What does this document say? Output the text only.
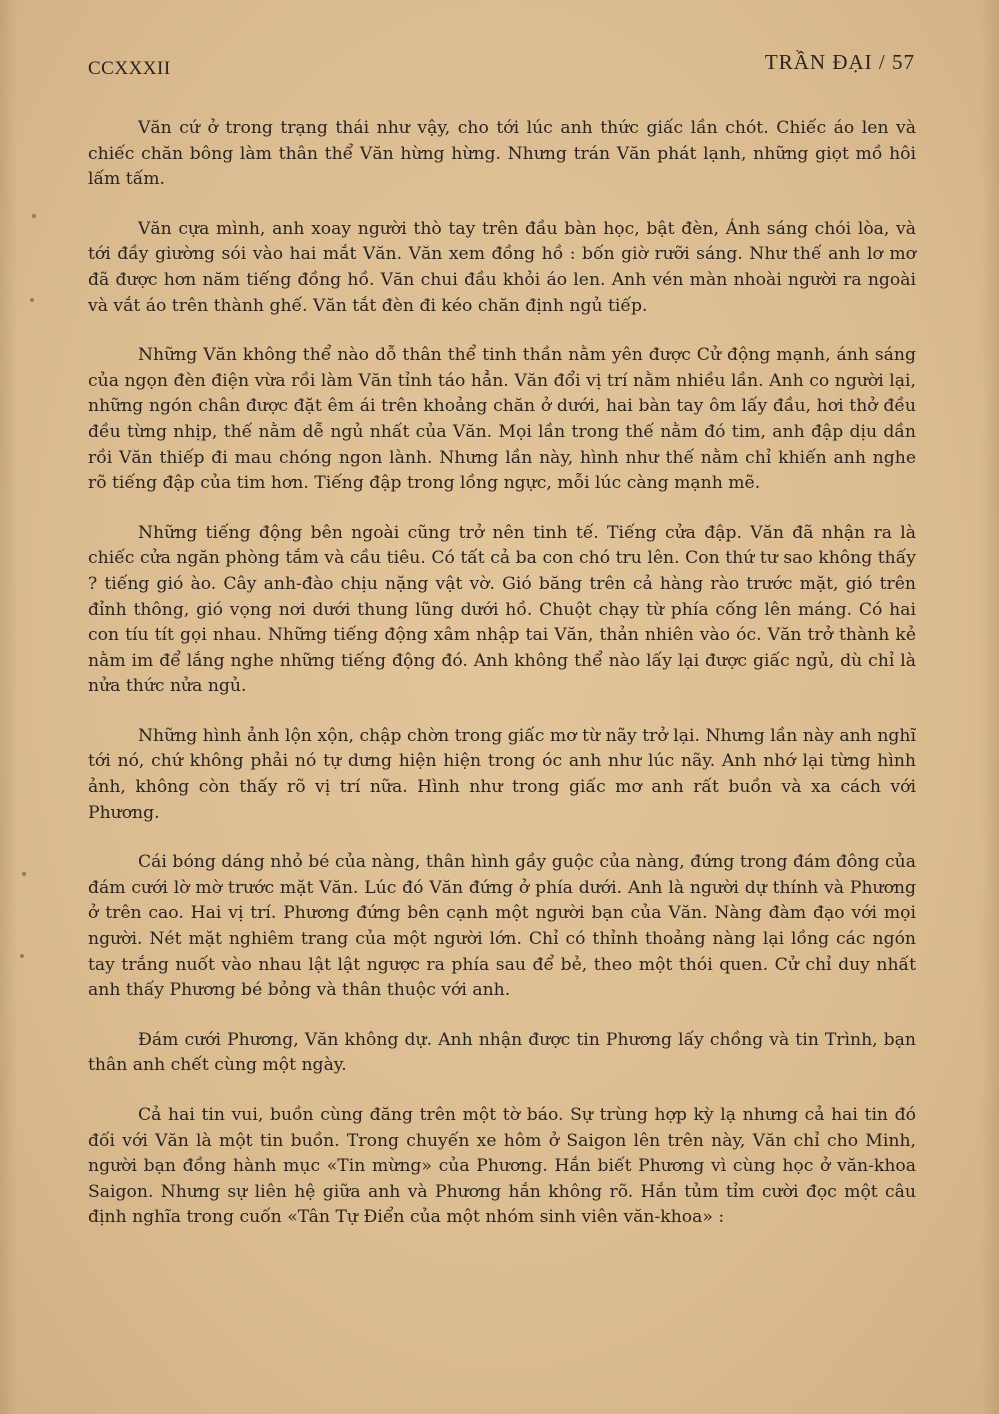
CCXXXII	TRẦN ĐẠI / 57

Văn cứ ở trong trạng thái như vậy, cho tới lúc anh thức giấc lần chót. Chiếc áo len và chiếc chăn bông làm thân thể Văn hừng hừng. Nhưng trán Văn phát lạnh, những giọt mồ hôi lấm tấm.

Văn cựa mình, anh xoay người thò tay trên đầu bàn học, bật đèn, Ánh sáng chói lòa, và tới đầy giường sói vào hai mắt Văn. Văn xem đồng hồ : bốn giờ rưỡi sáng. Như thế anh lơ mơ đã được hơn năm tiếng đồng hồ. Văn chui đầu khỏi áo len. Anh vén màn nhoài người ra ngoài và vắt áo trên thành ghế. Văn tắt đèn đi kéo chăn định ngủ tiếp.

Những Văn không thể nào dỗ thân thể tinh thần nằm yên được Cử động mạnh, ánh sáng của ngọn đèn điện vừa rồi làm Văn tỉnh táo hẳn. Văn đổi vị trí nằm nhiều lần. Anh co người lại, những ngón chân được đặt êm ái trên khoảng chăn ở dưới, hai bàn tay ôm lấy đầu, hơi thở đều đều từng nhịp, thế nằm dễ ngủ nhất của Văn. Mọi lần trong thế nằm đó tim, anh đập dịu dần rồi Văn thiếp đi mau chóng ngon lành. Nhưng lần này, hình như thế nằm chỉ khiến anh nghe rõ tiếng đập của tim hơn. Tiếng đập trong lồng ngực, mỗi lúc càng mạnh mẽ.

Những tiếng động bên ngoài cũng trở nên tinh tế. Tiếng cửa đập. Văn đã nhận ra là chiếc cửa ngăn phòng tắm và cầu tiêu. Có tất cả ba con chó tru lên. Con thứ tư sao không thấy ? tiếng gió ào. Cây anh-đào chịu nặng vật vờ. Gió băng trên cả hàng rào trước mặt, gió trên đỉnh thông, gió vọng nơi dưới thung lũng dưới hồ. Chuột chạy từ phía cống lên máng. Có hai con tíu tít gọi nhau. Những tiếng động xâm nhập tai Văn, thản nhiên vào óc. Văn trở thành kẻ nằm im để lắng nghe những tiếng động đó. Anh không thể nào lấy lại được giấc ngủ, dù chỉ là nửa thức nửa ngủ.

Những hình ảnh lộn xộn, chập chờn trong giấc mơ từ nãy trở lại. Nhưng lần này anh nghĩ tới nó, chứ không phải nó tự dưng hiện hiện trong óc anh như lúc nãy. Anh nhớ lại từng hình ảnh, không còn thấy rõ vị trí nữa. Hình như trong giấc mơ anh rất buồn và xa cách với Phương.

Cái bóng dáng nhỏ bé của nàng, thân hình gầy guộc của nàng, đứng trong đám đông của đám cưới lờ mờ trước mặt Văn. Lúc đó Văn đứng ở phía dưới. Anh là người dự thính và Phương ở trên cao. Hai vị trí. Phương đứng bên cạnh một người bạn của Văn. Nàng đàm đạo với mọi người. Nét mặt nghiêm trang của một người lớn. Chỉ có thỉnh thoảng nàng lại lồng các ngón tay trắng nuốt vào nhau lật lật ngược ra phía sau để bẻ, theo một thói quen. Cử chỉ duy nhất anh thấy Phương bé bỏng và thân thuộc với anh.

Đám cưới Phương, Văn không dự. Anh nhận được tin Phương lấy chồng và tin Trình, bạn thân anh chết cùng một ngày.

Cả hai tin vui, buồn cùng đăng trên một tờ báo. Sự trùng hợp kỳ lạ nhưng cả hai tin đó đối với Văn là một tin buồn. Trong chuyến xe hôm ở Saigon lên trên này, Văn chỉ cho Minh, người bạn đồng hành mục «Tin mừng» của Phương. Hắn biết Phương vì cùng học ở văn-khoa Saigon. Nhưng sự liên hệ giữa anh và Phương hắn không rõ. Hắn tủm tỉm cười đọc một câu định nghĩa trong cuốn «Tân Tự Điển của một nhóm sinh viên văn-khoa» :
